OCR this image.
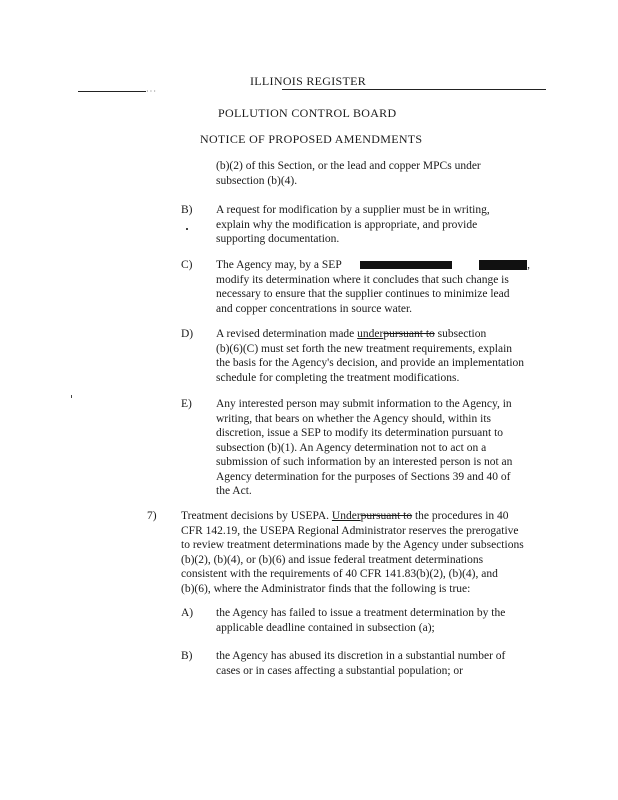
···
ILLINOIS REGISTER
POLLUTION CONTROL BOARD
NOTICE OF PROPOSED AMENDMENTS
(b)(2) of this Section, or the lead and copper MPCs under
subsection (b)(4).
B) A request for modification by a supplier must be in writing,
explain why the modification is appropriate, and provide
supporting documentation.
C) The Agency may, by a SEP	,
modify its determination where it concludes that such change is
necessary to ensure that the supplier continues to minimize lead
and copper concentrations in source water.
D) A revised determination made underpursuant to subsection
(b)(6)(C) must set forth the new treatment requirements, explain
the basis for the Agency's decision, and provide an implementation
schedule for completing the treatment modifications.
E) Any interested person may submit information to the Agency, in
writing, that bears on whether the Agency should, within its
discretion, issue a SEP to modify its determination pursuant to
subsection (b)(1). An Agency determination not to act on a
submission of such information by an interested person is not an
Agency determination for the purposes of Sections 39 and 40 of
the Act.
7) Treatment decisions by USEPA. Underpursuant to the procedures in 40
CFR 142.19, the USEPA Regional Administrator reserves the prerogative
to review treatment determinations made by the Agency under subsections
(b)(2), (b)(4), or (b)(6) and issue federal treatment determinations
consistent with the requirements of 40 CFR 141.83(b)(2), (b)(4), and
(b)(6), where the Administrator finds that the following is true:
A) the Agency has failed to issue a treatment determination by the
applicable deadline contained in subsection (a);
B) the Agency has abused its discretion in a substantial number of
cases or in cases affecting a substantial population; or
